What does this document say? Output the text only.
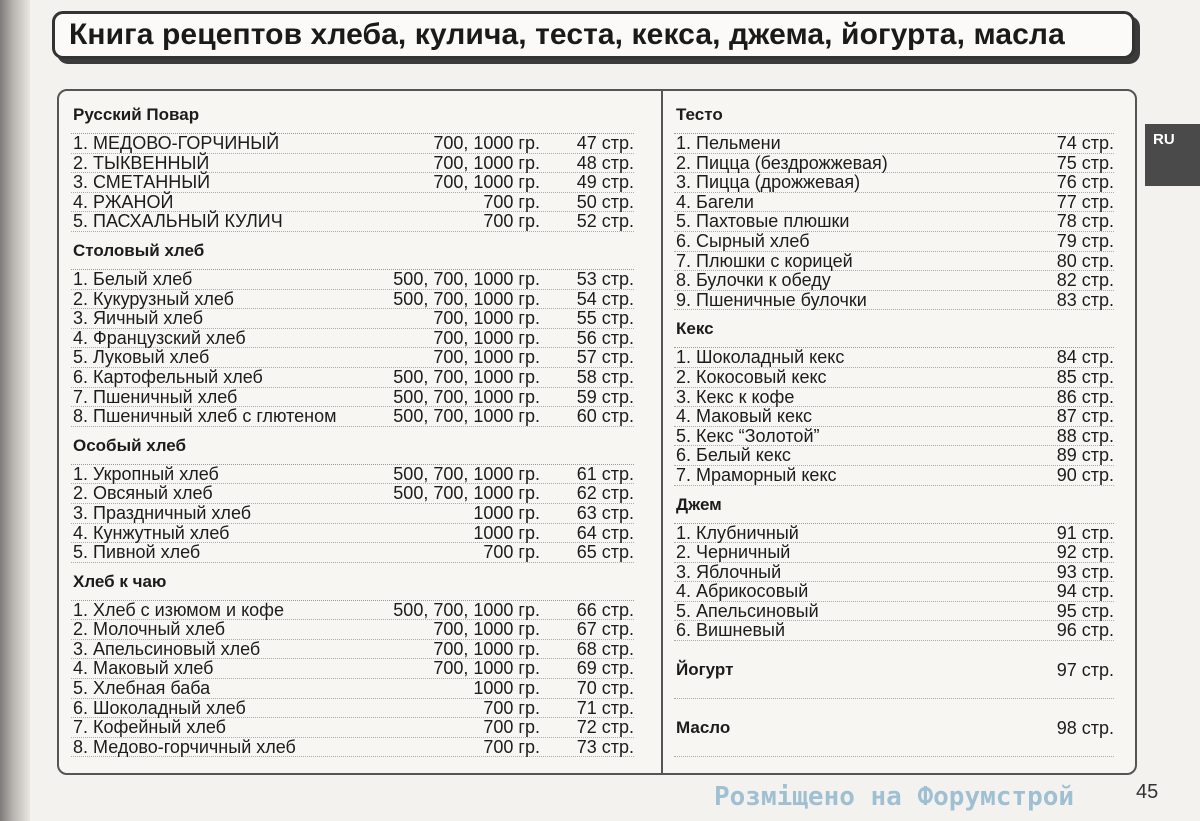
Книга рецептов хлеба, кулича, теста, кекса, джема, йогурта, масла
Русский Повар
1. МЕДОВО-ГОРЧИНЫЙ	700, 1000 гр.	47 стр.
2. ТЫКВЕННЫЙ	700, 1000 гр.	48 стр.
3. СМЕТАННЫЙ	700, 1000 гр.	49 стр.
4. РЖАНОЙ	700 гр.	50 стр.
5. ПАСХАЛЬНЫЙ КУЛИЧ	700 гр.	52 стр.
Столовый хлеб
1. Белый хлеб	500, 700, 1000 гр.	53 стр.
2. Кукурузный хлеб	500, 700, 1000 гр.	54 стр.
3. Яичный хлеб	700, 1000 гр.	55 стр.
4. Французский хлеб	700, 1000 гр.	56 стр.
5. Луковый хлеб	700, 1000 гр.	57 стр.
6. Картофельный хлеб	500, 700, 1000 гр.	58 стр.
7. Пшеничный хлеб	500, 700, 1000 гр.	59 стр.
8. Пшеничный хлеб с глютеном	500, 700, 1000 гр.	60 стр.
Особый хлеб
1. Укропный хлеб	500, 700, 1000 гр.	61 стр.
2. Овсяный хлеб	500, 700, 1000 гр.	62 стр.
3. Праздничный хлеб	1000 гр.	63 стр.
4. Кунжутный хлеб	1000 гр.	64 стр.
5. Пивной хлеб	700 гр.	65 стр.
Хлеб к чаю
1. Хлеб с изюмом и кофе	500, 700, 1000 гр.	66 стр.
2. Молочный хлеб	700, 1000 гр.	67 стр.
3. Апельсиновый хлеб	700, 1000 гр.	68 стр.
4. Маковый хлеб	700, 1000 гр.	69 стр.
5. Хлебная баба	1000 гр.	70 стр.
6. Шоколадный хлеб	700 гр.	71 стр.
7. Кофейный хлеб	700 гр.	72 стр.
8. Медово-горчичный хлеб	700 гр.	73 стр.
Тесто
1. Пельмени	74 стр.
2. Пицца (бездрожжевая)	75 стр.
3. Пицца (дрожжевая)	76 стр.
4. Багели	77 стр.
5. Пахтовые плюшки	78 стр.
6. Сырный хлеб	79 стр.
7. Плюшки с корицей	80 стр.
8. Булочки к обеду	82 стр.
9. Пшеничные булочки	83 стр.
Кекс
1. Шоколадный кекс	84 стр.
2. Кокосовый кекс	85 стр.
3. Кекс к кофе	86 стр.
4. Маковый кекс	87 стр.
5. Кекс “Золотой”	88 стр.
6. Белый кекс	89 стр.
7. Мраморный кекс	90 стр.
Джем
1. Клубничный	91 стр.
2. Черничный	92 стр.
3. Яблочный	93 стр.
4. Абрикосовый	94 стр.
5. Апельсиновый	95 стр.
6. Вишневый	96 стр.
Йогурт	97 стр.
Масло	98 стр.
RU
Розміщено на Форумстрой	45
